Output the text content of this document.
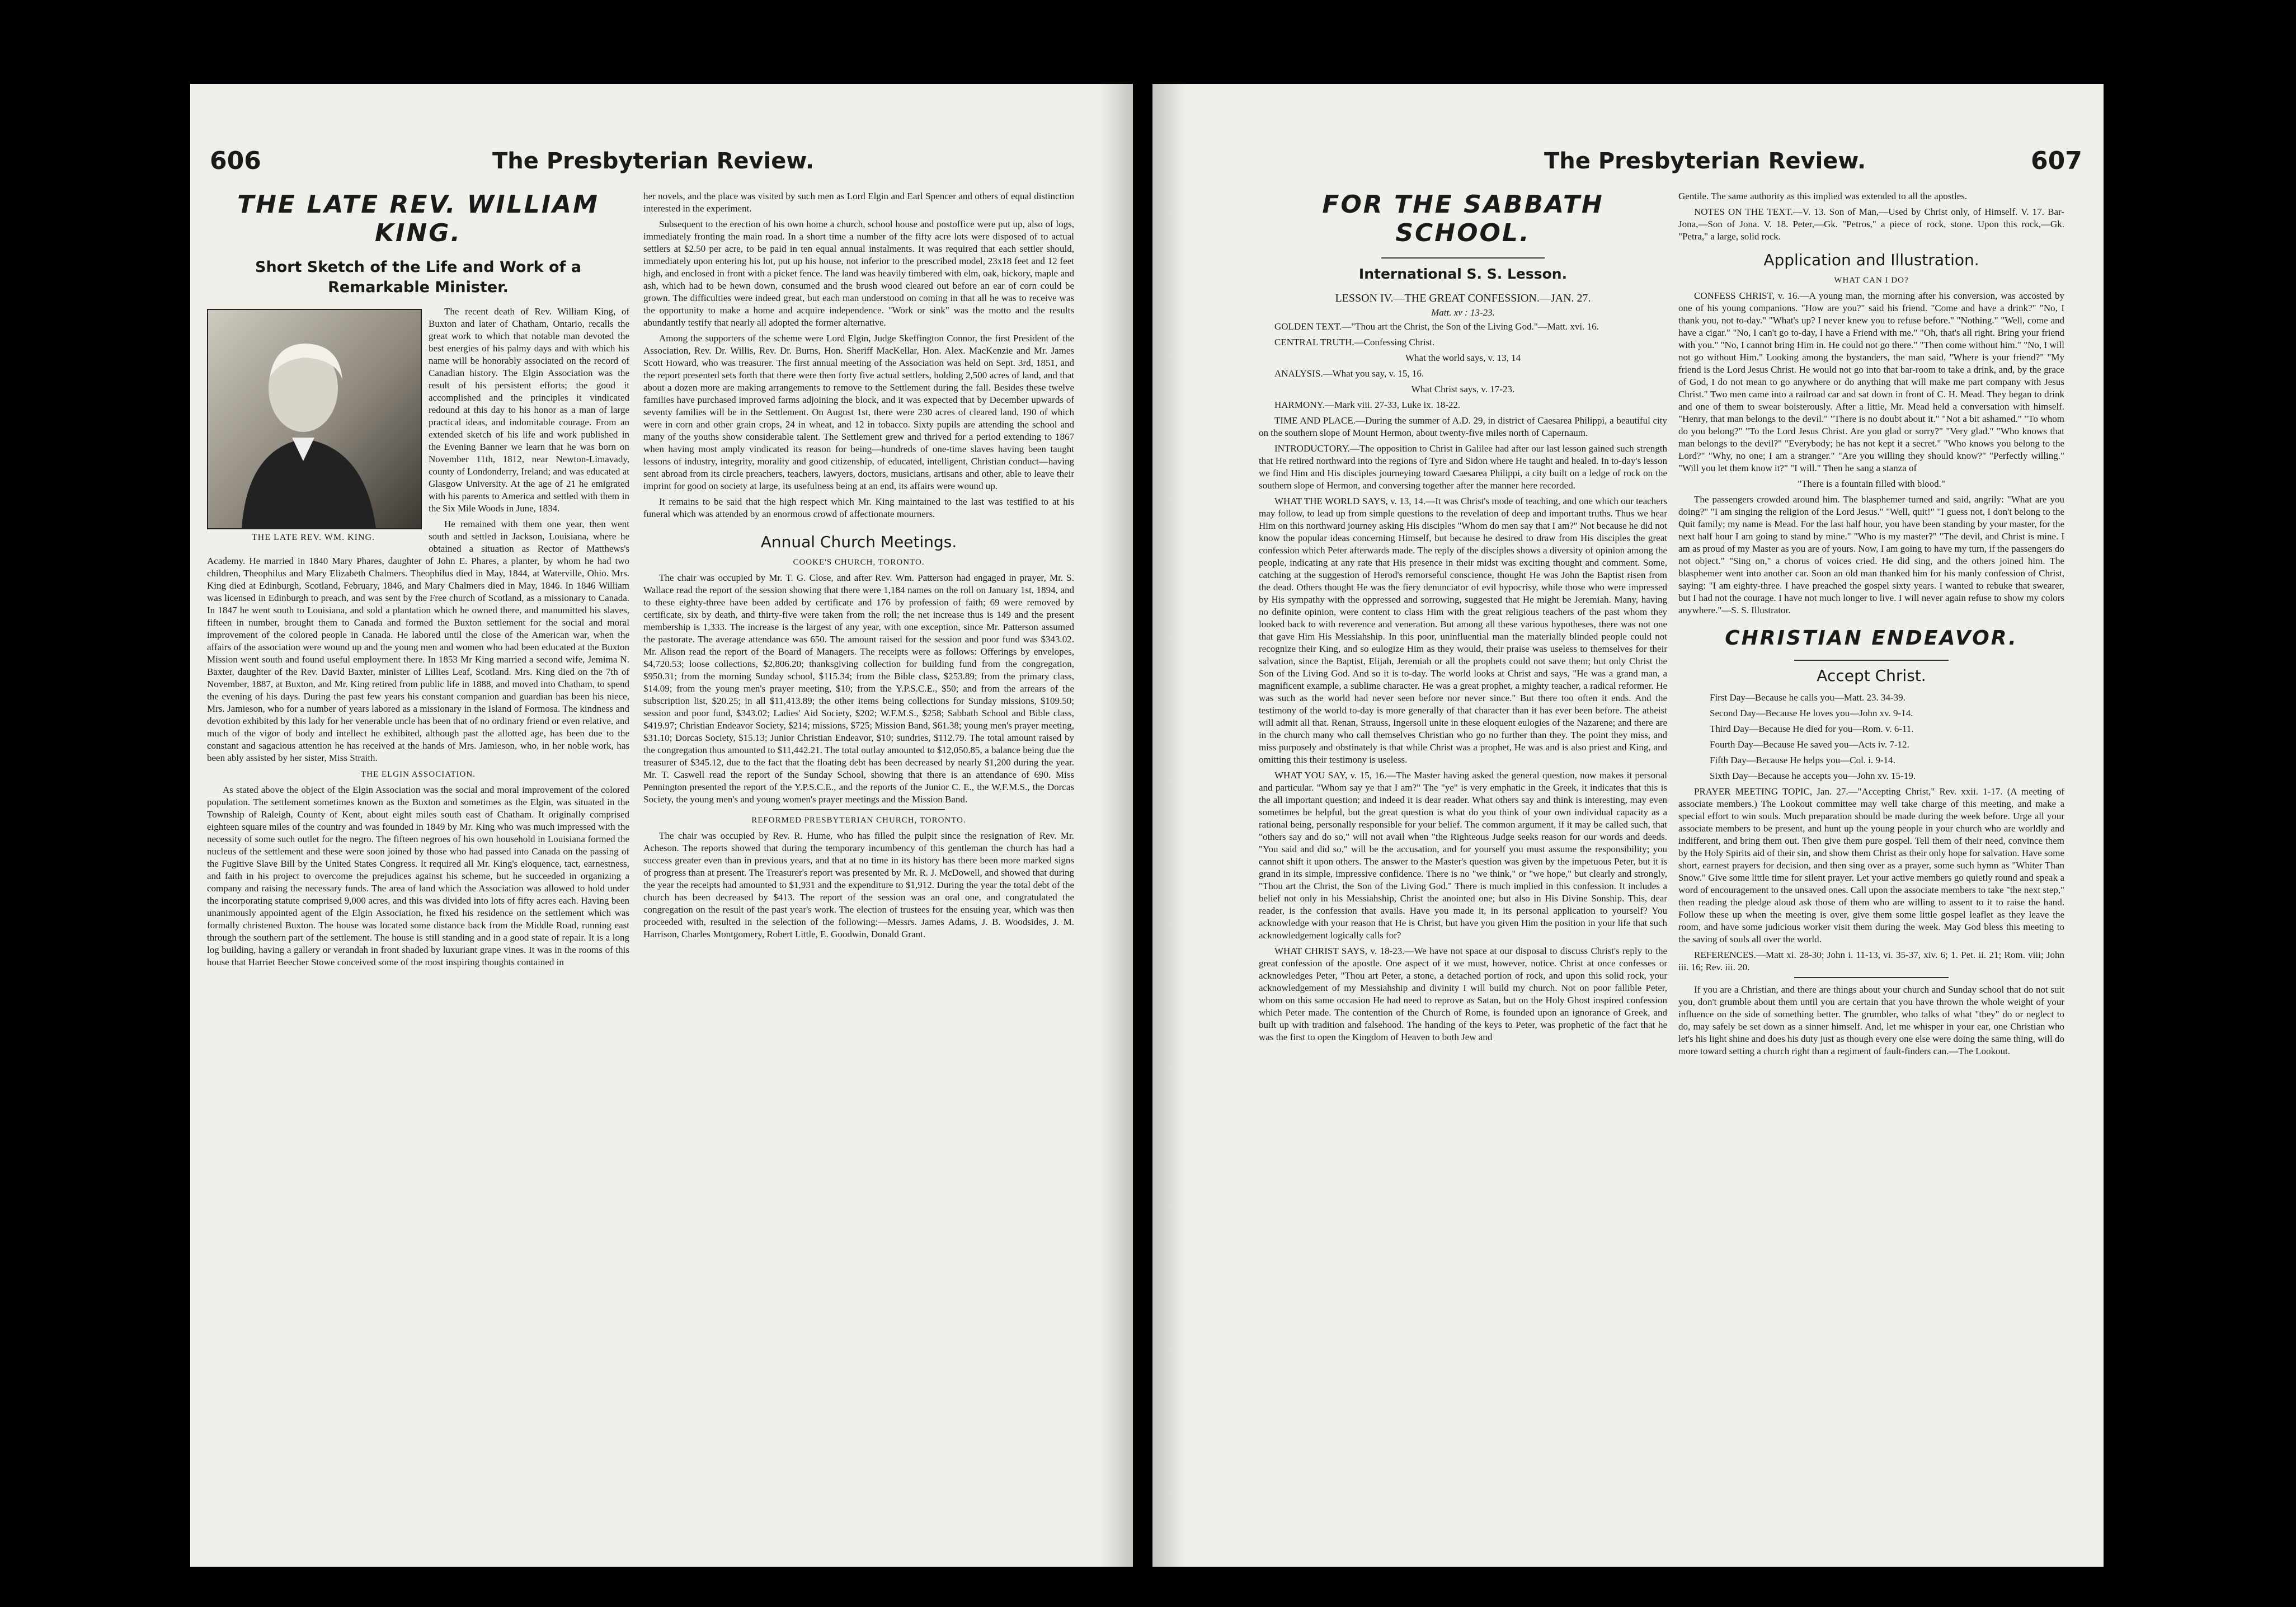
606	The Presbyterian Review.
THE LATE REV. WILLIAM KING.
Short Sketch of the Life and Work of a Remarkable Minister.
THE LATE REV. WM. KING.

The recent death of Rev. William King, of Buxton and later of Chatham, Ontario, recalls the great work to which that notable man devoted the best energies of his palmy days and with which his name will be honorably associated on the record of Canadian history. The Elgin Association was the result of his persistent efforts; the good it accomplished and the principles it vindicated redound at this day to his honor as a man of large practical ideas, and indomitable courage. From an extended sketch of his life and work published in the Evening Banner we learn that he was born on November 11th, 1812, near Newton-Limavady, county of Londonderry, Ireland; and was educated at Glasgow University. At the age of 21 he emigrated with his parents to America and settled with them in the Six Mile Woods in June, 1834.

He remained with them one year, then went south and settled in Jackson, Louisiana, where he obtained a situation as Rector of Matthews's Academy. He married in 1840 Mary Phares, daughter of John E. Phares, a planter, by whom he had two children, Theophilus and Mary Elizabeth Chalmers. Theophilus died in May, 1844, at Waterville, Ohio. Mrs. King died at Edinburgh, Scotland, February, 1846, and Mary Chalmers died in May, 1846. In 1846 William was licensed in Edinburgh to preach, and was sent by the Free church of Scotland, as a missionary to Canada. In 1847 he went south to Louisiana, and sold a plantation which he owned there, and manumitted his slaves, fifteen in number, brought them to Canada and formed the Buxton settlement for the social and moral improvement of the colored people in Canada. He labored until the close of the American war, when the affairs of the association were wound up and the young men and women who had been educated at the Buxton Mission went south and found useful employment there. In 1853 Mr King married a second wife, Jemima N. Baxter, daughter of the Rev. David Baxter, minister of Lillies Leaf, Scotland. Mrs. King died on the 7th of November, 1887, at Buxton, and Mr. King retired from public life in 1888, and moved into Chatham, to spend the evening of his days. During the past few years his constant companion and guardian has been his niece, Mrs. Jamieson, who for a number of years labored as a missionary in the Island of Formosa. The kindness and devotion exhibited by this lady for her venerable uncle has been that of no ordinary friend or even relative, and much of the vigor of body and intellect he exhibited, although past the allotted age, has been due to the constant and sagacious attention he has received at the hands of Mrs. Jamieson, who, in her noble work, has been ably assisted by her sister, Miss Straith.

THE ELGIN ASSOCIATION.

As stated above the object of the Elgin Association was the social and moral improvement of the colored population. The settlement sometimes known as the Buxton and sometimes as the Elgin, was situated in the Township of Raleigh, County of Kent, about eight miles south east of Chatham. It originally comprised eighteen square miles of the country and was founded in 1849 by Mr. King who was much impressed with the necessity of some such outlet for the negro. The fifteen negroes of his own household in Louisiana formed the nucleus of the settlement and these were soon joined by those who had passed into Canada on the passing of the Fugitive Slave Bill by the United States Congress. It required all Mr. King's eloquence, tact, earnestness, and faith in his project to overcome the prejudices against his scheme, but he succeeded in organizing a company and raising the necessary funds. The area of land which the Association was allowed to hold under the incorporating statute comprised 9,000 acres, and this was divided into lots of fifty acres each. Having been unanimously appointed agent of the Elgin Association, he fixed his residence on the settlement which was formally christened Buxton. The house was located some distance back from the Middle Road, running east through the southern part of the settlement. The house is still standing and in a good state of repair. It is a long log building, having a gallery or verandah in front shaded by luxuriant grape vines. It was in the rooms of this house that Harriet Beecher Stowe conceived some of the most inspiring thoughts contained in

her novels, and the place was visited by such men as Lord Elgin and Earl Spencer and others of equal distinction interested in the experiment.

Subsequent to the erection of his own home a church, school house and postoffice were put up, also of logs, immediately fronting the main road. In a short time a number of the fifty acre lots were disposed of to actual settlers at $2.50 per acre, to be paid in ten equal annual instalments. It was required that each settler should, immediately upon entering his lot, put up his house, not inferior to the prescribed model, 23x18 feet and 12 feet high, and enclosed in front with a picket fence. The land was heavily timbered with elm, oak, hickory, maple and ash, which had to be hewn down, consumed and the brush wood cleared out before an ear of corn could be grown. The difficulties were indeed great, but each man understood on coming in that all he was to receive was the opportunity to make a home and acquire independence. "Work or sink" was the motto and the results abundantly testify that nearly all adopted the former alternative.

Among the supporters of the scheme were Lord Elgin, Judge Skeffington Connor, the first President of the Association, Rev. Dr. Willis, Rev. Dr. Burns, Hon. Sheriff MacKellar, Hon. Alex. MacKenzie and Mr. James Scott Howard, who was treasurer. The first annual meeting of the Association was held on Sept. 3rd, 1851, and the report presented sets forth that there were then forty five actual settlers, holding 2,500 acres of land, and that about a dozen more are making arrangements to remove to the Settlement during the fall. Besides these twelve families have purchased improved farms adjoining the block, and it was expected that by December upwards of seventy families will be in the Settlement. On August 1st, there were 230 acres of cleared land, 190 of which were in corn and other grain crops, 24 in wheat, and 12 in tobacco. Sixty pupils are attending the school and many of the youths show considerable talent. The Settlement grew and thrived for a period extending to 1867 when having most amply vindicated its reason for being—hundreds of one-time slaves having been taught lessons of industry, integrity, morality and good citizenship, of educated, intelligent, Christian conduct—having sent abroad from its circle preachers, teachers, lawyers, doctors, musicians, artisans and other, able to leave their imprint for good on society at large, its usefulness being at an end, its affairs were wound up.

It remains to be said that the high respect which Mr. King maintained to the last was testified to at his funeral which was attended by an enormous crowd of affectionate mourners.

Annual Church Meetings.
COOKE'S CHURCH, TORONTO.

The chair was occupied by Mr. T. G. Close, and after Rev. Wm. Patterson had engaged in prayer, Mr. S. Wallace read the report of the session showing that there were 1,184 names on the roll on January 1st, 1894, and to these eighty-three have been added by certificate and 176 by profession of faith; 69 were removed by certificate, six by death, and thirty-five were taken from the roll; the net increase thus is 149 and the present membership is 1,333. The increase is the largest of any year, with one exception, since Mr. Patterson assumed the pastorate. The average attendance was 650. The amount raised for the session and poor fund was $343.02. Mr. Alison read the report of the Board of Managers. The receipts were as follows: Offerings by envelopes, $4,720.53; loose collections, $2,806.20; thanksgiving collection for building fund from the congregation, $950.31; from the morning Sunday school, $115.34; from the Bible class, $253.89; from the primary class, $14.09; from the young men's prayer meeting, $10; from the Y.P.S.C.E., $50; and from the arrears of the subscription list, $20.25; in all $11,413.89; the other items being collections for Sunday missions, $109.50; session and poor fund, $343.02; Ladies' Aid Society, $202; W.F.M.S., $258; Sabbath School and Bible class, $419.97; Christian Endeavor Society, $214; missions, $725; Mission Band, $61.38; young men's prayer meeting, $31.10; Dorcas Society, $15.13; Junior Christian Endeavor, $10; sundries, $112.79. The total amount raised by the congregation thus amounted to $11,442.21. The total outlay amounted to $12,050.85, a balance being due the treasurer of $345.12, due to the fact that the floating debt has been decreased by nearly $1,200 during the year. Mr. T. Caswell read the report of the Sunday School, showing that there is an attendance of 690. Miss Pennington presented the report of the Y.P.S.C.E., and the reports of the Junior C. E., the W.F.M.S., the Dorcas Society, the young men's and young women's prayer meetings and the Mission Band.

REFORMED PRESBYTERIAN CHURCH, TORONTO.

The chair was occupied by Rev. R. Hume, who has filled the pulpit since the resignation of Rev. Mr. Acheson. The reports showed that during the temporary incumbency of this gentleman the church has had a success greater even than in previous years, and that at no time in its history has there been more marked signs of progress than at present. The Treasurer's report was presented by Mr. R. J. McDowell, and showed that during the year the receipts had amounted to $1,931 and the expenditure to $1,912. During the year the total debt of the church has been decreased by $413. The report of the session was an oral one, and congratulated the congregation on the result of the past year's work. The election of trustees for the ensuing year, which was then proceeded with, resulted in the selection of the following:—Messrs. James Adams, J. B. Woodsides, J. M. Harrison, Charles Montgomery, Robert Little, E. Goodwin, Donald Grant.

The Presbyterian Review.	607
FOR THE SABBATH SCHOOL.
International S. S. Lesson.
LESSON IV.—THE GREAT CONFESSION.—JAN. 27.
Matt. xv : 13-23.

GOLDEN TEXT.—"Thou art the Christ, the Son of the Living God."—Matt. xvi. 16.

CENTRAL TRUTH.—Confessing Christ.

What the world says, v. 13, 14

ANALYSIS.—What you say, v. 15, 16.

What Christ says, v. 17-23.

HARMONY.—Mark viii. 27-33, Luke ix. 18-22.

TIME AND PLACE.—During the summer of A.D. 29, in district of Caesarea Philippi, a beautiful city on the southern slope of Mount Hermon, about twenty-five miles north of Capernaum.

INTRODUCTORY.—The opposition to Christ in Galilee had after our last lesson gained such strength that He retired northward into the regions of Tyre and Sidon where He taught and healed. In to-day's lesson we find Him and His disciples journeying toward Caesarea Philippi, a city built on a ledge of rock on the southern slope of Hermon, and conversing together after the manner here recorded.

WHAT THE WORLD SAYS, v. 13, 14.—It was Christ's mode of teaching, and one which our teachers may follow, to lead up from simple questions to the revelation of deep and important truths. Thus we hear Him on this northward journey asking His disciples "Whom do men say that I am?" Not because he did not know the popular ideas concerning Himself, but because he desired to draw from His disciples the great confession which Peter afterwards made. The reply of the disciples shows a diversity of opinion among the people, indicating at any rate that His presence in their midst was exciting thought and comment. Some, catching at the suggestion of Herod's remorseful conscience, thought He was John the Baptist risen from the dead. Others thought He was the fiery denunciator of evil hypocrisy, while those who were impressed by His sympathy with the oppressed and sorrowing, suggested that He might be Jeremiah. Many, having no definite opinion, were content to class Him with the great religious teachers of the past whom they looked back to with reverence and veneration. But among all these various hypotheses, there was not one that gave Him His Messiahship. In this poor, uninfluential man the materially blinded people could not recognize their King, and so eulogize Him as they would, their praise was useless to themselves for their salvation, since the Baptist, Elijah, Jeremiah or all the prophets could not save them; but only Christ the Son of the Living God. And so it is to-day. The world looks at Christ and says, "He was a grand man, a magnificent example, a sublime character. He was a great prophet, a mighty teacher, a radical reformer. He was such as the world had never seen before nor never since." But there too often it ends. And the testimony of the world to-day is more generally of that character than it has ever been before. The atheist will admit all that. Renan, Strauss, Ingersoll unite in these eloquent eulogies of the Nazarene; and there are in the church many who call themselves Christian who go no further than they. The point they miss, and miss purposely and obstinately is that while Christ was a prophet, He was and is also priest and King, and omitting this their testimony is useless.

WHAT YOU SAY, v. 15, 16.—The Master having asked the general question, now makes it personal and particular. "Whom say ye that I am?" The "ye" is very emphatic in the Greek, it indicates that this is the all important question; and indeed it is dear reader. What others say and think is interesting, may even sometimes be helpful, but the great question is what do you think of your own individual capacity as a rational being, personally responsible for your belief. The common argument, if it may be called such, that "others say and do so," will not avail when "the Righteous Judge seeks reason for our words and deeds. "You said and did so," will be the accusation, and for yourself you must assume the responsibility; you cannot shift it upon others. The answer to the Master's question was given by the impetuous Peter, but it is grand in its simple, impressive confidence. There is no "we think," or "we hope," but clearly and strongly, "Thou art the Christ, the Son of the Living God." There is much implied in this confession. It includes a belief not only in his Messiahship, Christ the anointed one; but also in His Divine Sonship. This, dear reader, is the confession that avails. Have you made it, in its personal application to yourself? You acknowledge with your reason that He is Christ, but have you given Him the position in your life that such acknowledgement logically calls for?

WHAT CHRIST SAYS, v. 18-23.—We have not space at our disposal to discuss Christ's reply to the great confession of the apostle. One aspect of it we must, however, notice. Christ at once confesses or acknowledges Peter, "Thou art Peter, a stone, a detached portion of rock, and upon this solid rock, your acknowledgement of my Messiahship and divinity I will build my church. Not on poor fallible Peter, whom on this same occasion He had need to reprove as Satan, but on the Holy Ghost inspired confession which Peter made. The contention of the Church of Rome, is founded upon an ignorance of Greek, and built up with tradition and falsehood. The handing of the keys to Peter, was prophetic of the fact that he was the first to open the Kingdom of Heaven to both Jew and

Gentile. The same authority as this implied was extended to all the apostles.

NOTES ON THE TEXT.—V. 13. Son of Man,—Used by Christ only, of Himself. V. 17. Bar-Jona,—Son of Jona. V. 18. Peter,—Gk. "Petros," a piece of rock, stone. Upon this rock,—Gk. "Petra," a large, solid rock.

Application and Illustration.
WHAT CAN I DO?

CONFESS CHRIST, v. 16.—A young man, the morning after his conversion, was accosted by one of his young companions. "How are you?" said his friend. "Come and have a drink?" "No, I thank you, not to-day." "What's up? I never knew you to refuse before." "Nothing." "Well, come and have a cigar." "No, I can't go to-day, I have a Friend with me." "Oh, that's all right. Bring your friend with you." "No, I cannot bring Him in. He could not go there." "Then come without him." "No, I will not go without Him." Looking among the bystanders, the man said, "Where is your friend?" "My friend is the Lord Jesus Christ. He would not go into that bar-room to take a drink, and, by the grace of God, I do not mean to go anywhere or do anything that will make me part company with Jesus Christ." Two men came into a railroad car and sat down in front of C. H. Mead. They began to drink and one of them to swear boisterously. After a little, Mr. Mead held a conversation with himself. "Henry, that man belongs to the devil." "There is no doubt about it." "Not a bit ashamed." "To whom do you belong?" "To the Lord Jesus Christ. Are you glad or sorry?" "Very glad." "Who knows that man belongs to the devil?" "Everybody; he has not kept it a secret." "Who knows you belong to the Lord?" "Why, no one; I am a stranger." "Are you willing they should know?" "Perfectly willing." "Will you let them know it?" "I will." Then he sang a stanza of

"There is a fountain filled with blood."

The passengers crowded around him. The blasphemer turned and said, angrily: "What are you doing?" "I am singing the religion of the Lord Jesus." "Well, quit!" "I guess not, I don't belong to the Quit family; my name is Mead. For the last half hour, you have been standing by your master, for the next half hour I am going to stand by mine." "Who is my master?" "The devil, and Christ is mine. I am as proud of my Master as you are of yours. Now, I am going to have my turn, if the passengers do not object." "Sing on," a chorus of voices cried. He did sing, and the others joined him. The blasphemer went into another car. Soon an old man thanked him for his manly confession of Christ, saying: "I am eighty-three. I have preached the gospel sixty years. I wanted to rebuke that swearer, but I had not the courage. I have not much longer to live. I will never again refuse to show my colors anywhere."—S. S. Illustrator.

CHRISTIAN ENDEAVOR.
Accept Christ.

First Day—Because he calls you—Matt. 23. 34-39.

Second Day—Because He loves you—John xv. 9-14.

Third Day—Because He died for you—Rom. v. 6-11.

Fourth Day—Because He saved you—Acts iv. 7-12.

Fifth Day—Because He helps you—Col. i. 9-14.

Sixth Day—Because he accepts you—John xv. 15-19.

PRAYER MEETING TOPIC, Jan. 27.—"Accepting Christ," Rev. xxii. 1-17. (A meeting of associate members.) The Lookout committee may well take charge of this meeting, and make a special effort to win souls. Much preparation should be made during the week before. Urge all your associate members to be present, and hunt up the young people in your church who are worldly and indifferent, and bring them out. Then give them pure gospel. Tell them of their need, convince them by the Holy Spirits aid of their sin, and show them Christ as their only hope for salvation. Have some short, earnest prayers for decision, and then sing over as a prayer, some such hymn as "Whiter Than Snow." Give some little time for silent prayer. Let your active members go quietly round and speak a word of encouragement to the unsaved ones. Call upon the associate members to take "the next step," then reading the pledge aloud ask those of them who are willing to assent to it to raise the hand. Follow these up when the meeting is over, give them some little gospel leaflet as they leave the room, and have some judicious worker visit them during the week. May God bless this meeting to the saving of souls all over the world.

REFERENCES.—Matt xi. 28-30; John i. 11-13, vi. 35-37, xiv. 6; 1. Pet. ii. 21; Rom. viii; John iii. 16; Rev. iii. 20.

If you are a Christian, and there are things about your church and Sunday school that do not suit you, don't grumble about them until you are certain that you have thrown the whole weight of your influence on the side of something better. The grumbler, who talks of what "they" do or neglect to do, may safely be set down as a sinner himself. And, let me whisper in your ear, one Christian who let's his light shine and does his duty just as though every one else were doing the same thing, will do more toward setting a church right than a regiment of fault-finders can.—The Lookout.
